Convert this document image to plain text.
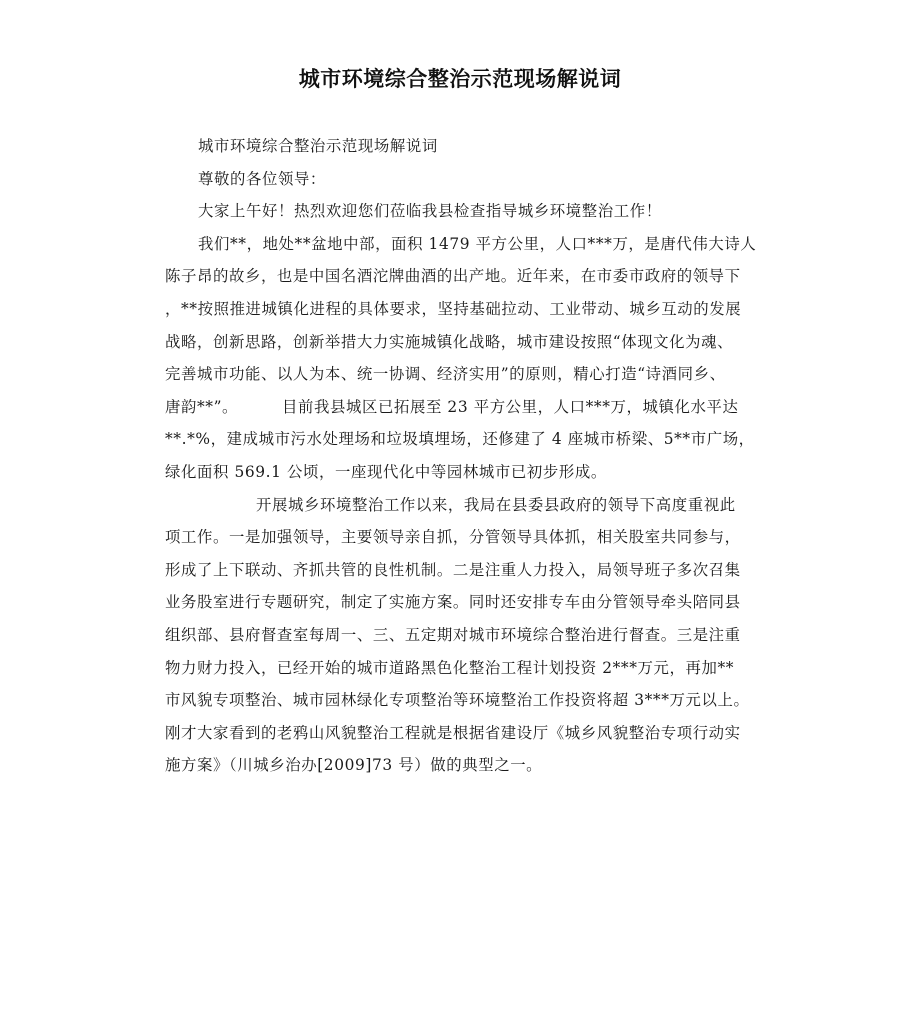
城市环境综合整治示范现场解说词

城市环境综合整治示范现场解说词

尊敬的各位领导：

大家上午好！热烈欢迎您们莅临我县检查指导城乡环境整治工作！

我们**，地处**盆地中部，面积 1479 平方公里，人口***万，是唐代伟大诗人
陈子昂的故乡，也是中国名酒沱牌曲酒的出产地。近年来，在市委市政府的领导下
，**按照推进城镇化进程的具体要求，坚持基础拉动、工业带动、城乡互动的发展
战略，创新思路，创新举措大力实施城镇化战略，城市建设按照“体现文化为魂、
完善城市功能、以人为本、统一协调、经济实用”的原则，精心打造“诗酒同乡、
唐韵**”。	目前我县城区已拓展至 23 平方公里，人口***万，城镇化水平达
**.*%，建成城市污水处理场和垃圾填埋场，还修建了 4 座城市桥梁、5**市广场，
绿化面积 569.1 公顷，一座现代化中等园林城市已初步形成。

开展城乡环境整治工作以来，我局在县委县政府的领导下高度重视此
项工作。一是加强领导，主要领导亲自抓，分管领导具体抓，相关股室共同参与，
形成了上下联动、齐抓共管的良性机制。二是注重人力投入，局领导班子多次召集
业务股室进行专题研究，制定了实施方案。同时还安排专车由分管领导牵头陪同县
组织部、县府督查室每周一、三、五定期对城市环境综合整治进行督查。三是注重
物力财力投入，已经开始的城市道路黑色化整治工程计划投资 2***万元，再加**
市风貌专项整治、城市园林绿化专项整治等环境整治工作投资将超 3***万元以上。
刚才大家看到的老鸦山风貌整治工程就是根据省建设厅《城乡风貌整治专项行动实
施方案》（川城乡治办[2009]73 号）做的典型之一。
